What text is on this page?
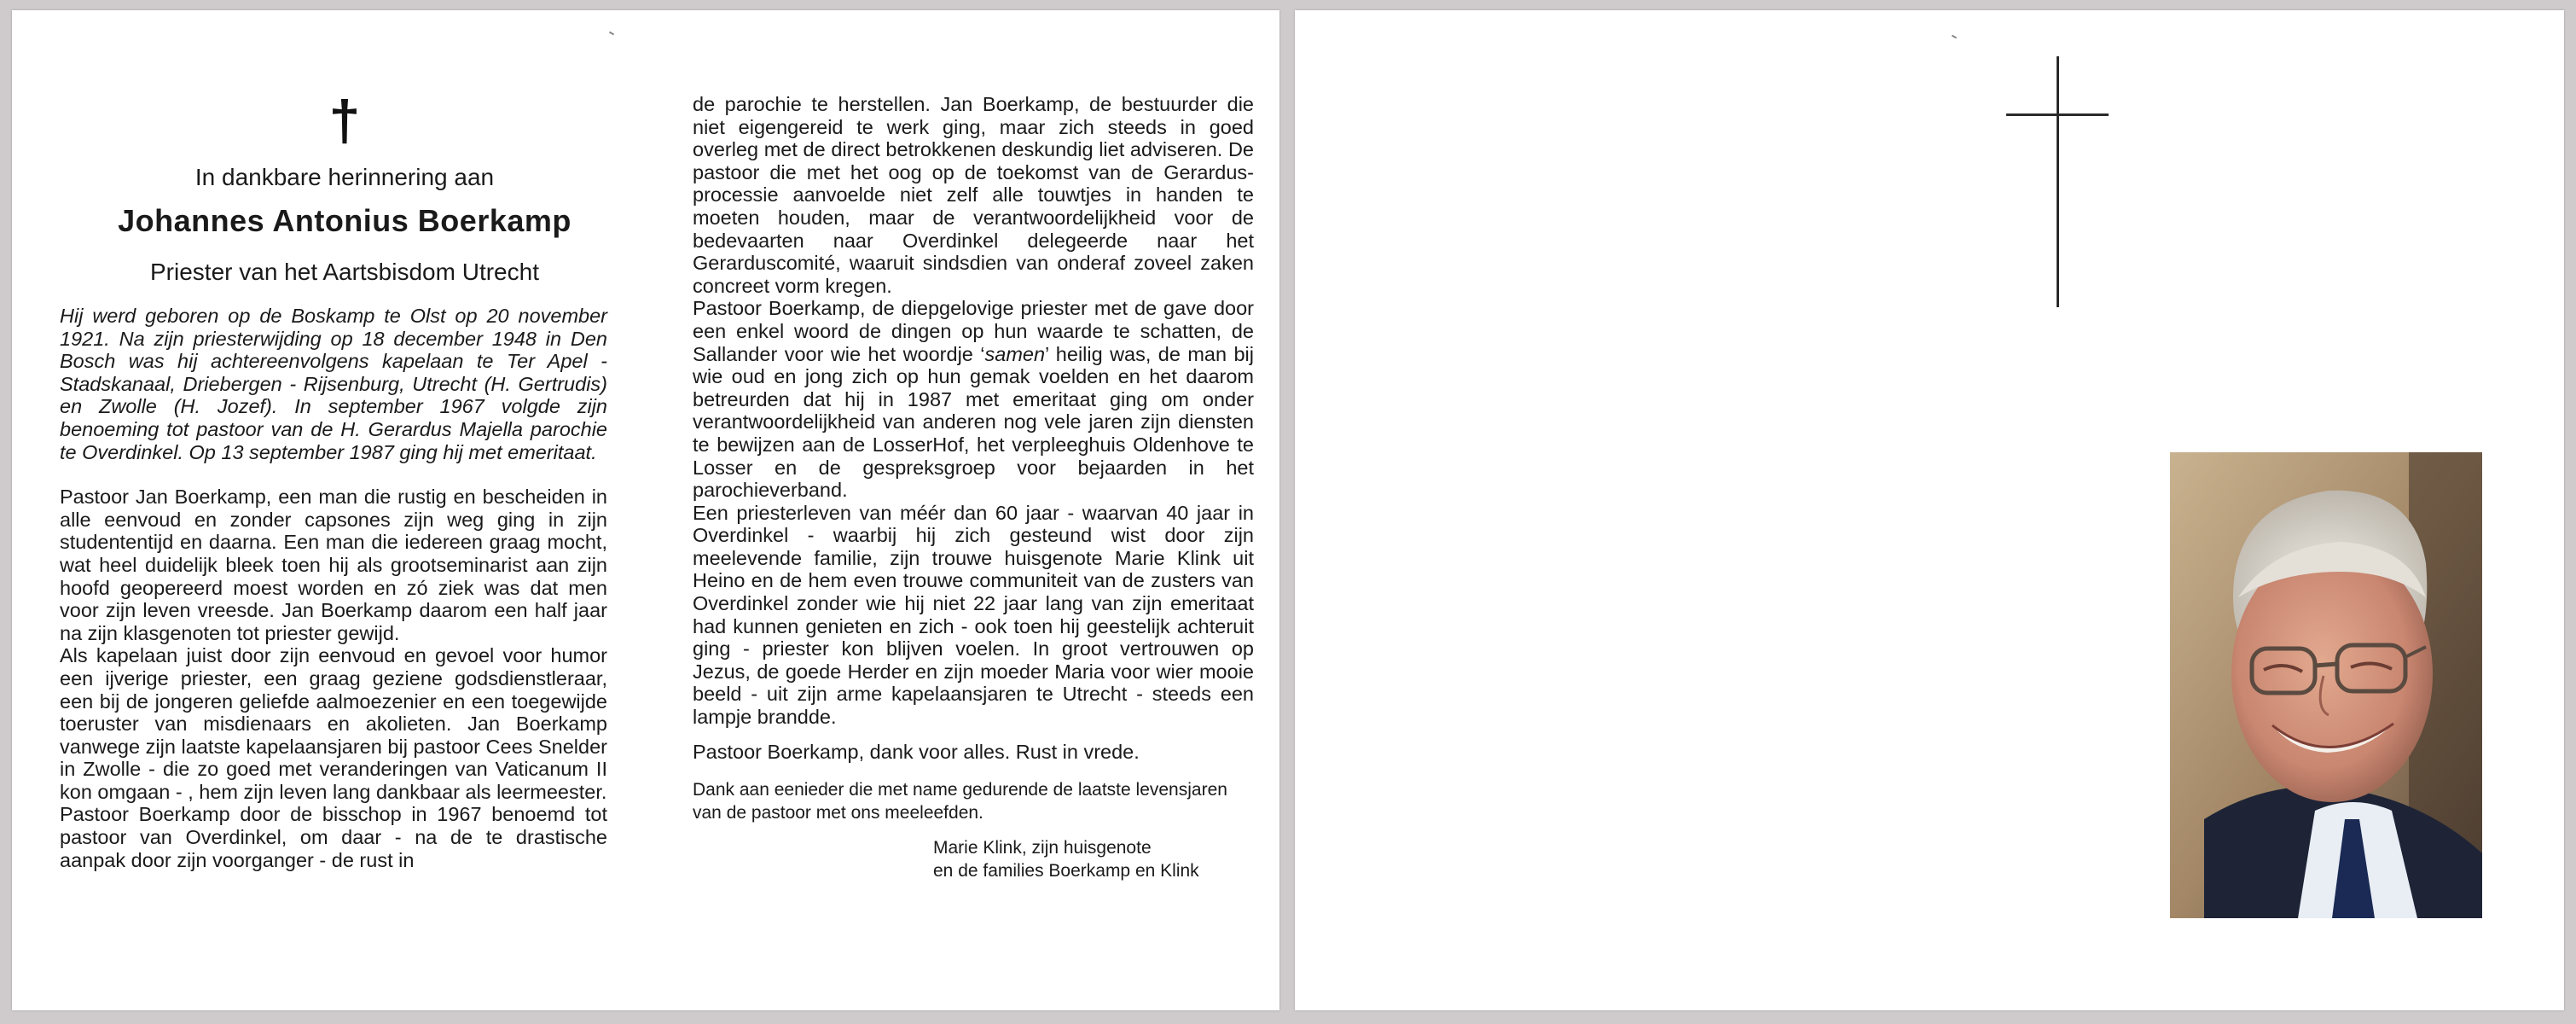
†
In dankbare herinnering aan
Johannes Antonius Boerkamp
Priester van het Aartsbisdom Utrecht

Hij werd geboren op de Boskamp te Olst op 20 november 1921. Na zijn priesterwijding op 18 december 1948 in Den Bosch was hij achtereenvolgens kapelaan te Ter Apel - Stadskanaal, Driebergen - Rijsenburg, Utrecht (H. Gertrudis) en Zwolle (H. Jozef). In september 1967 volgde zijn benoeming tot pastoor van de H. Gerardus Majella parochie te Overdinkel. Op 13 september 1987 ging hij met emeritaat.

Pastoor Jan Boerkamp, een man die rustig en bescheiden in alle eenvoud en zonder capsones zijn weg ging in zijn studententijd en daarna. Een man die iedereen graag mocht, wat heel duidelijk bleek toen hij als grootseminarist aan zijn hoofd geopereerd moest worden en zó ziek was dat men voor zijn leven vreesde. Jan Boerkamp daarom een half jaar na zijn klasgenoten tot priester gewijd.

Als kapelaan juist door zijn eenvoud en gevoel voor humor een ijverige priester, een graag geziene godsdienstleraar, een bij de jongeren geliefde aalmoezenier en een toegewijde toeruster van misdienaars en akolieten. Jan Boerkamp vanwege zijn laatste kapelaansjaren bij pastoor Cees Snelder in Zwolle - die zo goed met veranderingen van Vaticanum II kon omgaan - , hem zijn leven lang dankbaar als leermeester.

Pastoor Boerkamp door de bisschop in 1967 benoemd tot pastoor van Overdinkel, om daar - na de te drastische aanpak door zijn voorganger - de rust in

de parochie te herstellen. Jan Boerkamp, de bestuurder die niet eigengereid te werk ging, maar zich steeds in goed overleg met de direct betrokkenen deskundig liet adviseren. De pastoor die met het oog op de toekomst van de Gerardus-processie aanvoelde niet zelf alle touwtjes in handen te moeten houden, maar de verantwoordelijkheid voor de bedevaarten naar Overdinkel delegeerde naar het Gerarduscomité, waaruit sindsdien van onderaf zoveel zaken concreet vorm kregen.

Pastoor Boerkamp, de diepgelovige priester met de gave door een enkel woord de dingen op hun waarde te schatten, de Sallander voor wie het woordje ‘samen’ heilig was, de man bij wie oud en jong zich op hun gemak voelden en het daarom betreurden dat hij in 1987 met emeritaat ging om onder verantwoordelijkheid van anderen nog vele jaren zijn diensten te bewijzen aan de LosserHof, het verpleeghuis Oldenhove te Losser en de gespreksgroep voor bejaarden in het parochieverband.

Een priesterleven van méér dan 60 jaar - waarvan 40 jaar in Overdinkel - waarbij hij zich gesteund wist door zijn meelevende familie, zijn trouwe huisgenote Marie Klink uit Heino en de hem even trouwe communiteit van de zusters van Overdinkel zonder wie hij niet 22 jaar lang van zijn emeritaat had kunnen genieten en zich - ook toen hij geestelijk achteruit ging - priester kon blijven voelen. In groot vertrouwen op Jezus, de goede Herder en zijn moeder Maria voor wier mooie beeld - uit zijn arme kapelaansjaren te Utrecht - steeds een lampje brandde.

Pastoor Boerkamp, dank voor alles. Rust in vrede.

Dank aan eenieder die met name gedurende de laatste levensjaren van de pastoor met ons meeleefden.

Marie Klink, zijn huisgenote
en de families Boerkamp en Klink
